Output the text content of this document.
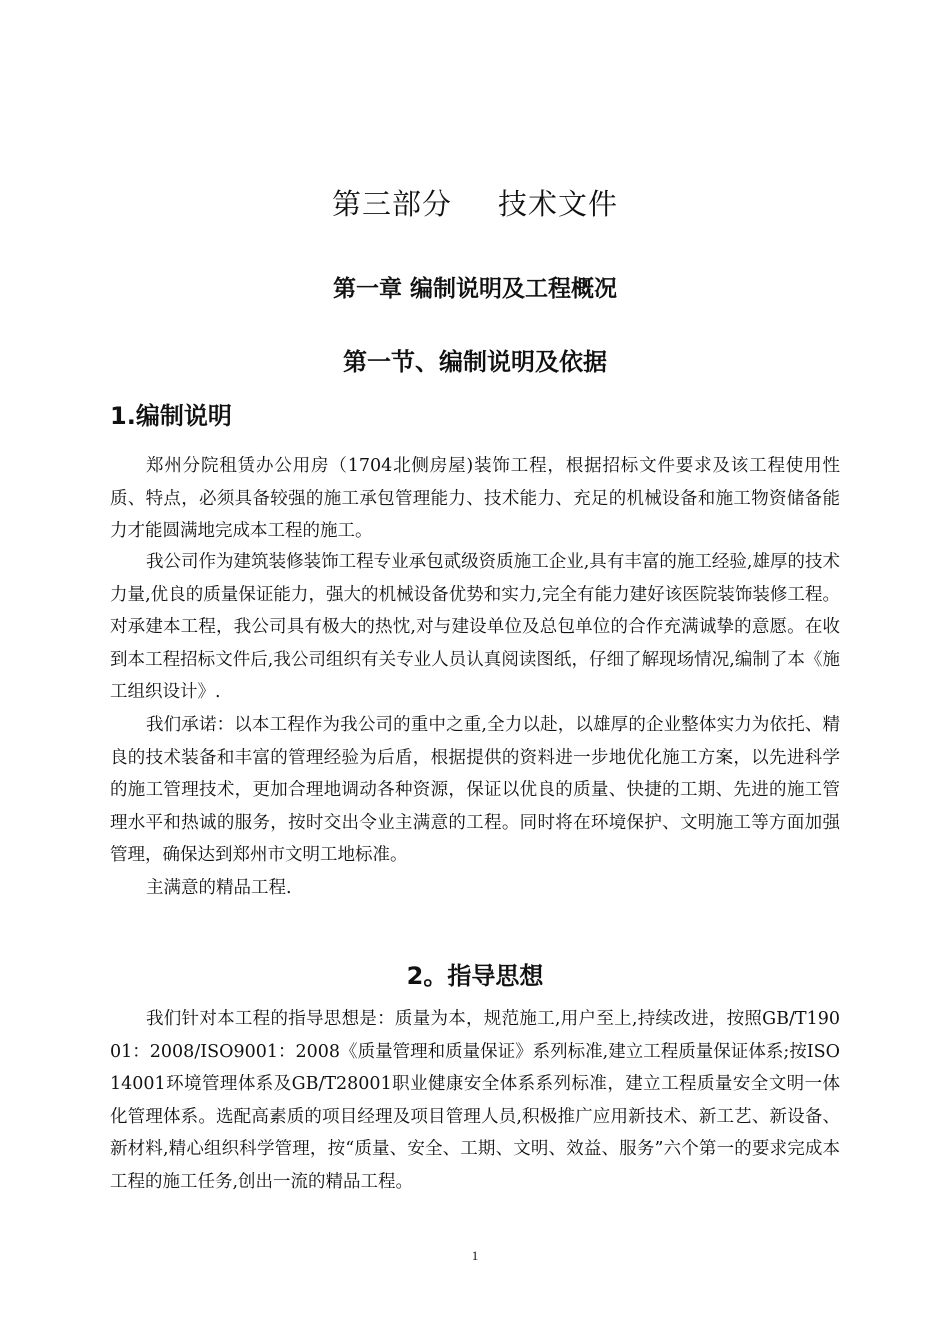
第三部分 技术文件
第一章 编制说明及工程概况
第一节、编制说明及依据
1.编制说明

郑州分院租赁办公用房（1704北侧房屋)装饰工程，根据招标文件要求及该工程使用性质、特点，必须具备较强的施工承包管理能力、技术能力、充足的机械设备和施工物资储备能力才能圆满地完成本工程的施工。

我公司作为建筑装修装饰工程专业承包贰级资质施工企业,具有丰富的施工经验,雄厚的技术力量,优良的质量保证能力，强大的机械设备优势和实力,完全有能力建好该医院装饰装修工程。对承建本工程，我公司具有极大的热忱,对与建设单位及总包单位的合作充满诚挚的意愿。在收到本工程招标文件后,我公司组织有关专业人员认真阅读图纸，仔细了解现场情况,编制了本《施工组织设计》.

我们承诺：以本工程作为我公司的重中之重,全力以赴，以雄厚的企业整体实力为依托、精良的技术装备和丰富的管理经验为后盾，根据提供的资料进一步地优化施工方案，以先进科学的施工管理技术，更加合理地调动各种资源，保证以优良的质量、快捷的工期、先进的施工管理水平和热诚的服务，按时交出令业主满意的工程。同时将在环境保护、文明施工等方面加强管理，确保达到郑州市文明工地标准。

主满意的精品工程.

2。指导思想

我们针对本工程的指导思想是：质量为本，规范施工,用户至上,持续改进，按照GB/T19001：2008/ISO9001：2008《质量管理和质量保证》系列标准,建立工程质量保证体系;按ISO14001环境管理体系及GB/T28001职业健康安全体系系列标准，建立工程质量安全文明一体化管理体系。选配高素质的项目经理及项目管理人员,积极推广应用新技术、新工艺、新设备、新材料,精心组织科学管理，按“质量、安全、工期、文明、效益、服务”六个第一的要求完成本工程的施工任务,创出一流的精品工程。

1
